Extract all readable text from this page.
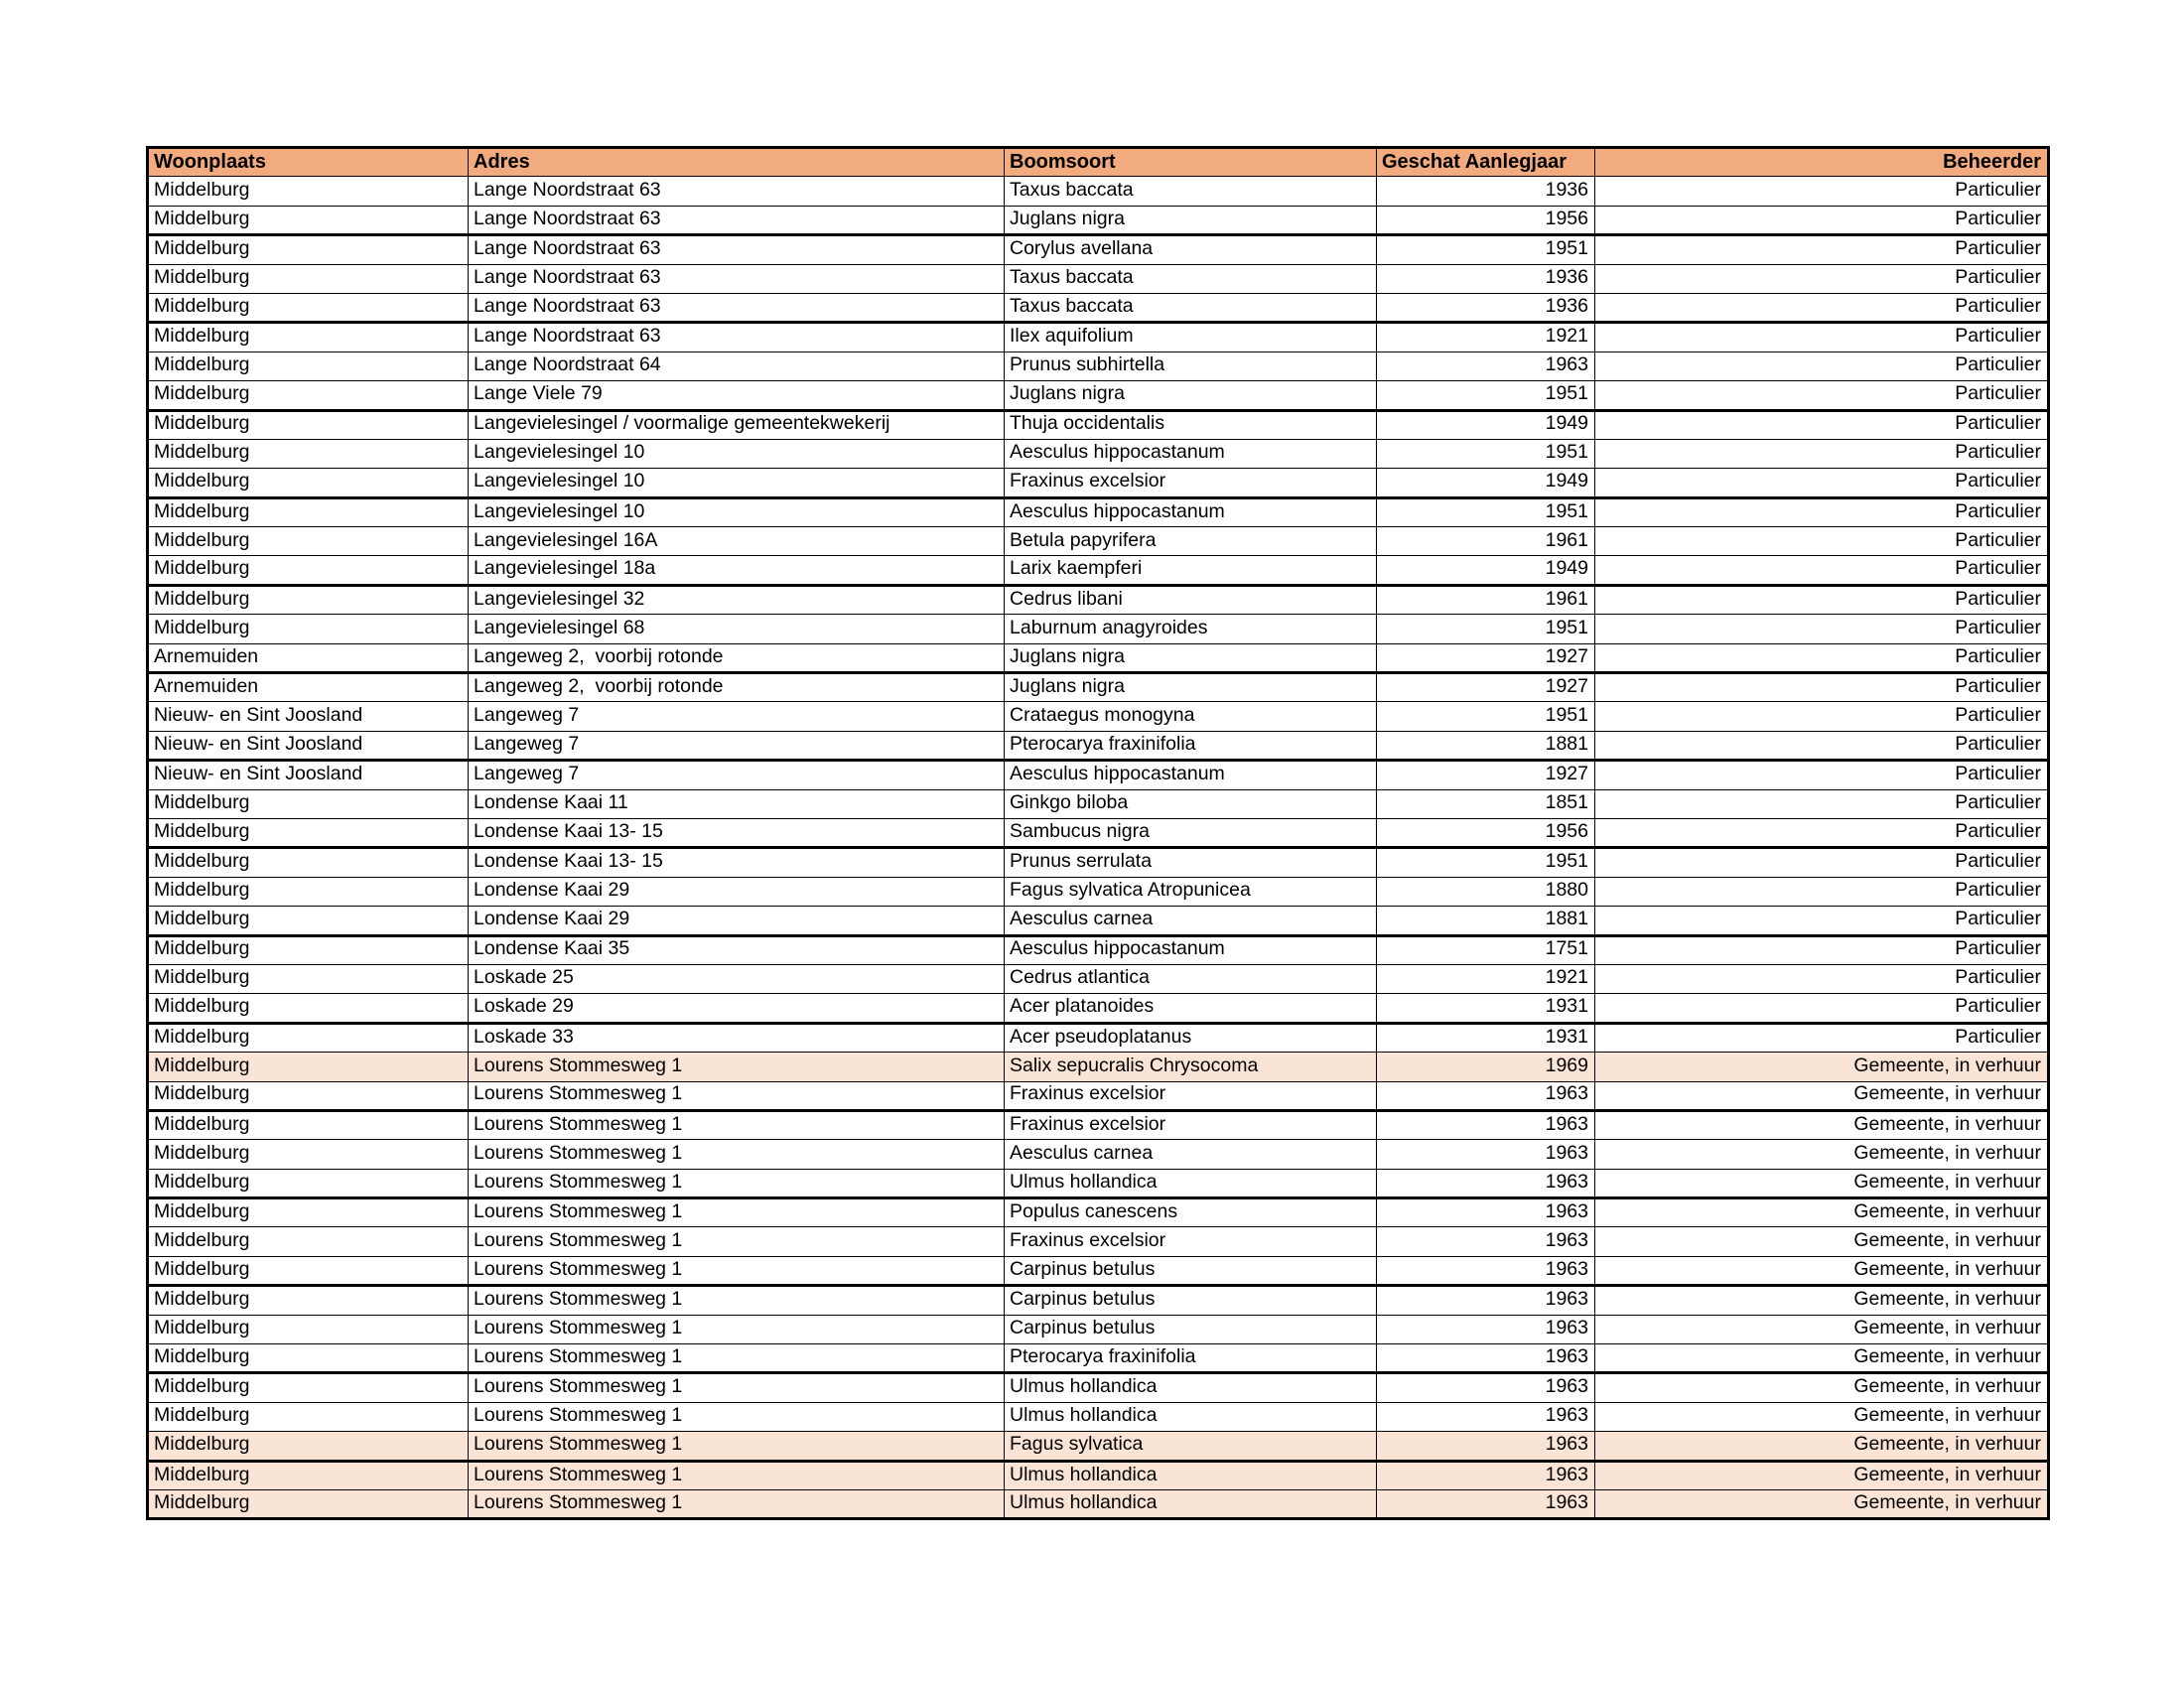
Woonplaats	Adres	Boomsoort	Geschat Aanlegjaar	Beheerder
Middelburg	Lange Noordstraat 63	Taxus baccata	1936	Particulier
Middelburg	Lange Noordstraat 63	Juglans nigra	1956	Particulier
Middelburg	Lange Noordstraat 63	Corylus avellana	1951	Particulier
Middelburg	Lange Noordstraat 63	Taxus baccata	1936	Particulier
Middelburg	Lange Noordstraat 63	Taxus baccata	1936	Particulier
Middelburg	Lange Noordstraat 63	Ilex aquifolium	1921	Particulier
Middelburg	Lange Noordstraat 64	Prunus subhirtella	1963	Particulier
Middelburg	Lange Viele 79	Juglans nigra	1951	Particulier
Middelburg	Langevielesingel / voormalige gemeentekwekerij	Thuja occidentalis	1949	Particulier
Middelburg	Langevielesingel 10	Aesculus hippocastanum	1951	Particulier
Middelburg	Langevielesingel 10	Fraxinus excelsior	1949	Particulier
Middelburg	Langevielesingel 10	Aesculus hippocastanum	1951	Particulier
Middelburg	Langevielesingel 16A	Betula papyrifera	1961	Particulier
Middelburg	Langevielesingel 18a	Larix kaempferi	1949	Particulier
Middelburg	Langevielesingel 32	Cedrus libani	1961	Particulier
Middelburg	Langevielesingel 68	Laburnum anagyroides	1951	Particulier
Arnemuiden	Langeweg 2,  voorbij rotonde	Juglans nigra	1927	Particulier
Arnemuiden	Langeweg 2,  voorbij rotonde	Juglans nigra	1927	Particulier
Nieuw- en Sint Joosland	Langeweg 7	Crataegus monogyna	1951	Particulier
Nieuw- en Sint Joosland	Langeweg 7	Pterocarya fraxinifolia	1881	Particulier
Nieuw- en Sint Joosland	Langeweg 7	Aesculus hippocastanum	1927	Particulier
Middelburg	Londense Kaai 11	Ginkgo biloba	1851	Particulier
Middelburg	Londense Kaai 13- 15	Sambucus nigra	1956	Particulier
Middelburg	Londense Kaai 13- 15	Prunus serrulata	1951	Particulier
Middelburg	Londense Kaai 29	Fagus sylvatica Atropunicea	1880	Particulier
Middelburg	Londense Kaai 29	Aesculus carnea	1881	Particulier
Middelburg	Londense Kaai 35	Aesculus hippocastanum	1751	Particulier
Middelburg	Loskade 25	Cedrus atlantica	1921	Particulier
Middelburg	Loskade 29	Acer platanoides	1931	Particulier
Middelburg	Loskade 33	Acer pseudoplatanus	1931	Particulier
Middelburg	Lourens Stommesweg 1	Salix sepucralis Chrysocoma	1969	Gemeente, in verhuur
Middelburg	Lourens Stommesweg 1	Fraxinus excelsior	1963	Gemeente, in verhuur
Middelburg	Lourens Stommesweg 1	Fraxinus excelsior	1963	Gemeente, in verhuur
Middelburg	Lourens Stommesweg 1	Aesculus carnea	1963	Gemeente, in verhuur
Middelburg	Lourens Stommesweg 1	Ulmus hollandica	1963	Gemeente, in verhuur
Middelburg	Lourens Stommesweg 1	Populus canescens	1963	Gemeente, in verhuur
Middelburg	Lourens Stommesweg 1	Fraxinus excelsior	1963	Gemeente, in verhuur
Middelburg	Lourens Stommesweg 1	Carpinus betulus	1963	Gemeente, in verhuur
Middelburg	Lourens Stommesweg 1	Carpinus betulus	1963	Gemeente, in verhuur
Middelburg	Lourens Stommesweg 1	Carpinus betulus	1963	Gemeente, in verhuur
Middelburg	Lourens Stommesweg 1	Pterocarya fraxinifolia	1963	Gemeente, in verhuur
Middelburg	Lourens Stommesweg 1	Ulmus hollandica	1963	Gemeente, in verhuur
Middelburg	Lourens Stommesweg 1	Ulmus hollandica	1963	Gemeente, in verhuur
Middelburg	Lourens Stommesweg 1	Fagus sylvatica	1963	Gemeente, in verhuur
Middelburg	Lourens Stommesweg 1	Ulmus hollandica	1963	Gemeente, in verhuur
Middelburg	Lourens Stommesweg 1	Ulmus hollandica	1963	Gemeente, in verhuur
